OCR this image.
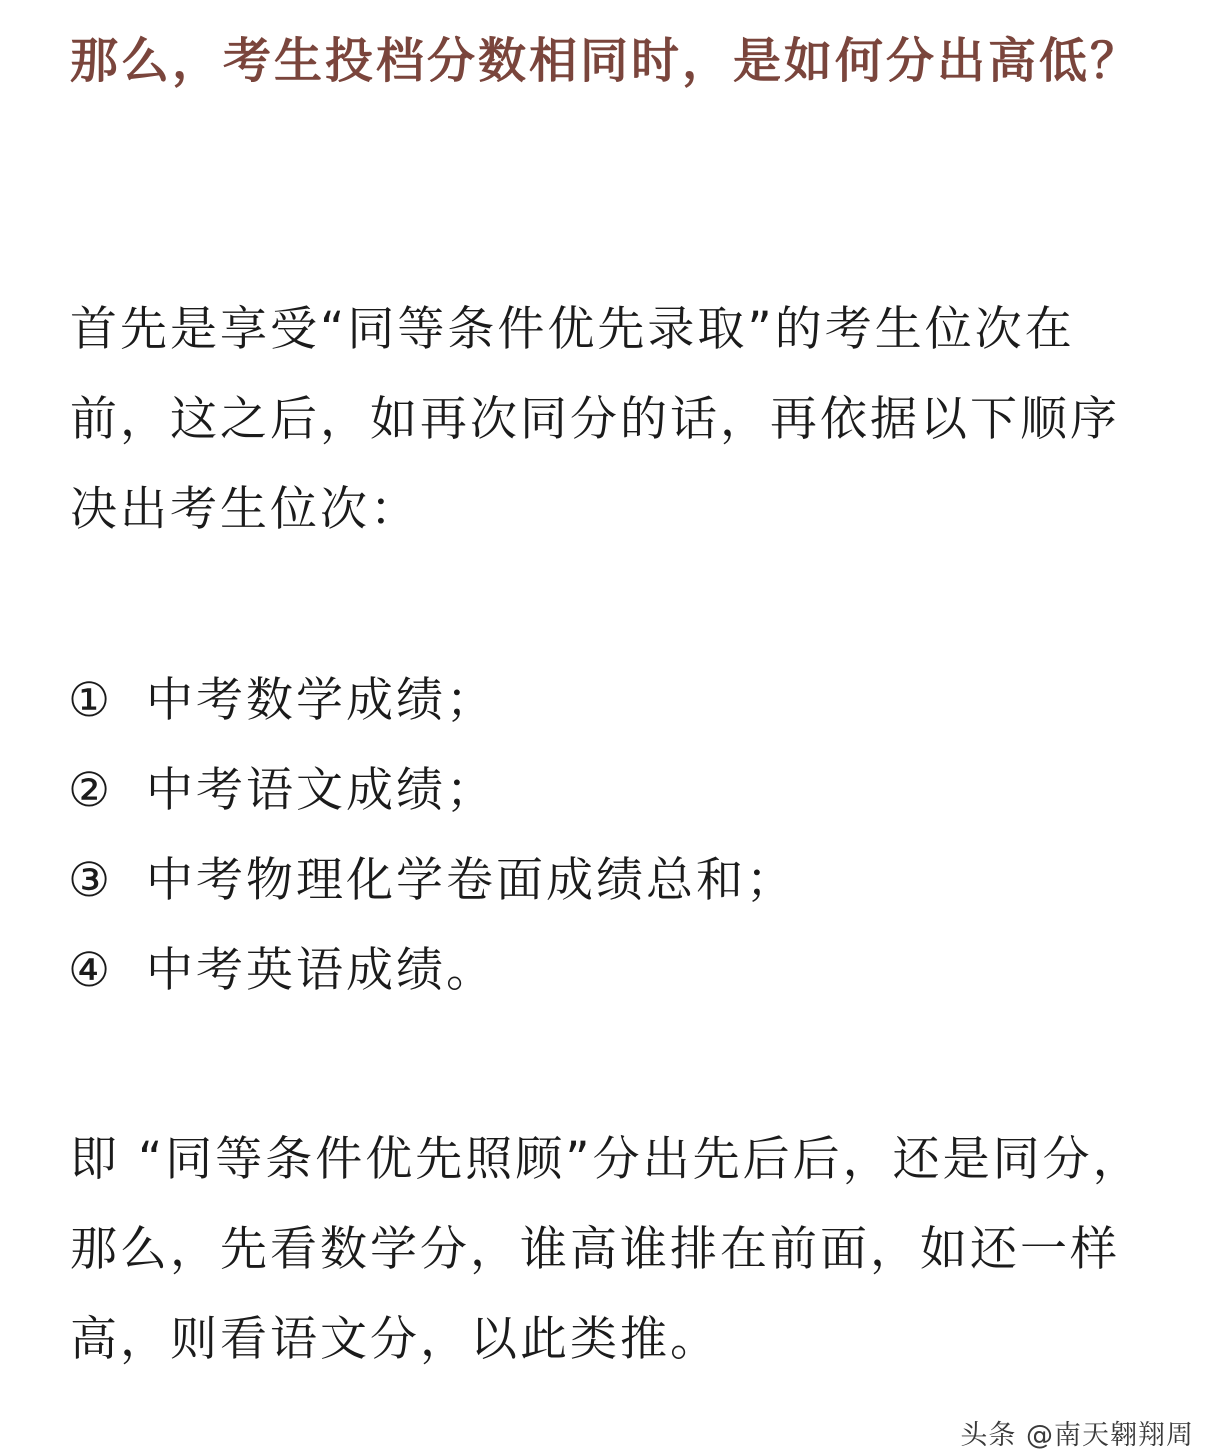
那么，考生投档分数相同时，是如何分出高低？

首先是享受“同等条件优先录取”的考生位次在前，这之后，如再次同分的话，再依据以下顺序决出考生位次：

① 中考数学成绩；
② 中考语文成绩；
③ 中考物理化学卷面成绩总和；
④ 中考英语成绩。

即 “同等条件优先照顾”分出先后后，还是同分，那么，先看数学分，谁高谁排在前面，如还一样高，则看语文分，以此类推。

头条 @南天翱翔周
